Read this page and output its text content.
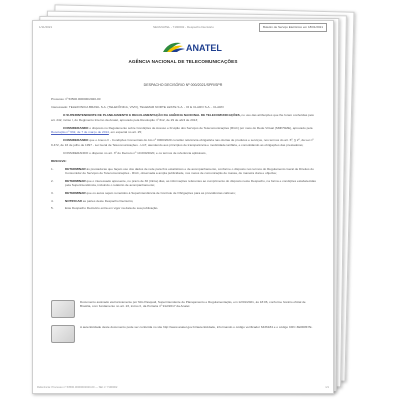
1/11/2021	SEI/ANATEL - 7190002 - Despacho Decisório	Boletim de Serviço Eletrônico em 18/01/2021
ANATEL
AGÊNCIA NACIONAL DE TELECOMUNICAÇÕES
DESPACHO DECISÓRIO Nº 000/2021/SPR/SPR

Processo nº 53500.000000/2020-00

Interessado: TELEFONICA BRASIL S.A. (TELEFÔNICA, VIVO), TELEMAR NORTE LESTE S.A. - OI E CLARO S.A. - CLARO

O SUPERINTENDENTE DE PLANEJAMENTO E REGULAMENTAÇÃO DA AGÊNCIA NACIONAL DE TELECOMUNICAÇÕES, no uso das atribuições que lhe foram conferidas pelo art. 242, inciso I, do Regimento Interno da Anatel, aprovado pela Resolução nº 612, de 29 de abril de 2013;

CONSIDERANDO o disposto no Regulamento sobre Condições de Acesso e Fruição dos Serviços de Telecomunicações (RGC) por meio do Rede Virtual (SMP/SME), aprovado pela Resolução nº 632, de 7 de março de 2014, em especial no art. 25;

CONSIDERANDO que o Anexo II - Condições Comerciais do Ato nº 0000/2020 constitui referência obrigatória nas ofertas de produtos e serviços, nos termos do art. 6º, § 2º, da Lei nº 9.472, de 16 de julho de 1997 - Lei Geral de Telecomunicações - LGT, atendendo aos princípios de transparência e modicidade tarifária, e consolidando as obrigações das prestadoras;

CONSIDERANDO o disposto no art. 3º do Decreto nº 10.000/2020, e os termos de referência aplicáveis,

RESOLVE:

1.	DETERMINAR às prestadoras que façam uso dos dados de rede para fins estatísticos e de acompanhamento, conforme o disposto nos termos do Regulamento Geral de Direitos do Consumidor de Serviços de Telecomunicações - RGC, observada a ampla publicidade, nos meios de comunicação de massa, de maneira clara e objetiva;
2.	DETERMINAR que o interessado apresente, no prazo de 30 (trinta) dias, as informações referentes ao cumprimento do disposto neste Despacho, na forma e condições estabelecidas pela Superintendência, incluindo o relatório de acompanhamento;
3.	DETERMINAR que os autos sejam remetidos à Superintendência de Controle de Obrigações para as providências cabíveis;
4.	NOTIFICAR as partes deste Despacho Decisório;
5.	Este Despacho Decisório entra em vigor na data de sua publicação.
Documento assinado eletronicamente por Nilo Pasquali, Superintendente de Planejamento e Regulamentação, em 12/01/2021, às 18:06, conforme horário oficial de Brasília, com fundamento no art. 23, inciso II, da Portaria nº 912/2017 da Anatel.
A autenticidade deste documento pode ser conferida no site http://www.anatel.gov.br/autenticidade, informando o código verificador 6436184 e o código CRC 3E0D8F7E.
Referência: Processo nº 53500.000000/2020-00 — SEI nº 7190002	1/1
